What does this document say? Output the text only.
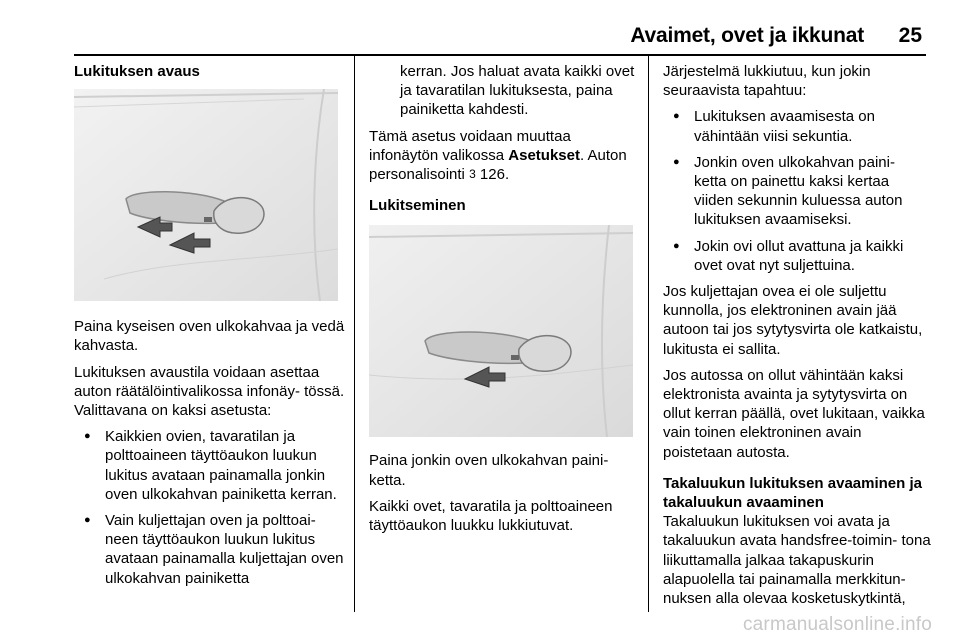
Avaimet, ovet ja ikkunat 25
Lukituksen avaus

Paina kyseisen oven ulkokahvaa ja vedä kahvasta.

Lukituksen avaustila voidaan asettaa auton räätälöintivalikossa infonäy- tössä. Valittavana on kaksi asetusta:

● Kaikkien ovien, tavaratilan ja polttoaineen täyttöaukon luukun lukitus avataan painamalla jonkin oven ulkokahvan painiketta kerran.
● Vain kuljettajan oven ja polttoai- neen täyttöaukon luukun lukitus avataan painamalla kuljettajan oven ulkokahvan painiketta

kerran. Jos haluat avata kaikki ovet ja tavaratilan lukituksesta, paina painiketta kahdesti.

Tämä asetus voidaan muuttaa infonäytön valikossa Asetukset. Auton personalisointi 3 126.

Lukitseminen

Paina jonkin oven ulkokahvan paini- ketta.

Kaikki ovet, tavaratila ja polttoaineen täyttöaukon luukku lukkiutuvat.

Järjestelmä lukkiutuu, kun jokin seuraavista tapahtuu:

● Lukituksen avaamisesta on vähintään viisi sekuntia.
● Jonkin oven ulkokahvan paini- ketta on painettu kaksi kertaa viiden sekunnin kuluessa auton lukituksen avaamiseksi.
● Jokin ovi ollut avattuna ja kaikki ovet ovat nyt suljettuina.

Jos kuljettajan ovea ei ole suljettu kunnolla, jos elektroninen avain jää autoon tai jos sytytysvirta ole katkaistu, lukitusta ei sallita.

Jos autossa on ollut vähintään kaksi elektronista avainta ja sytytysvirta on ollut kerran päällä, ovet lukitaan, vaikka vain toinen elektroninen avain poistetaan autosta.

Takaluukun lukituksen avaaminen ja takaluukun avaaminen

Takaluukun lukituksen voi avata ja takaluukun avata handsfree-toimin- tona liikuttamalla jalkaa takapuskurin alapuolella tai painamalla merkkitun- nuksen alla olevaa kosketuskytkintä,

carmanualsonline.info
